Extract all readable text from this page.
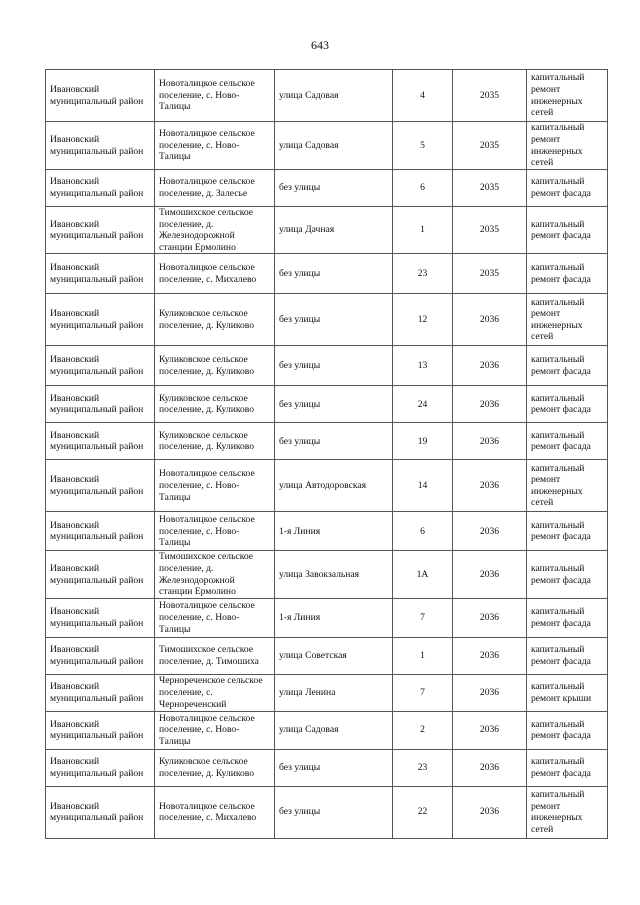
643
Ивановский муниципальный район	Новоталицкое сельское поселение, с. Ново-Талицы	улица Садовая	4	2035	капитальный ремонт инженерных сетей
Ивановский муниципальный район	Новоталицкое сельское поселение, с. Ново-Талицы	улица Садовая	5	2035	капитальный ремонт инженерных сетей
Ивановский муниципальный район	Новоталицкое сельское поселение, д. Залесье	без улицы	6	2035	капитальный ремонт фасада
Ивановский муниципальный район	Тимошихское сельское поселение, д. Железнодорожной станции Ермолино	улица Дачная	1	2035	капитальный ремонт фасада
Ивановский муниципальный район	Новоталицкое сельское поселение, с. Михалево	без улицы	23	2035	капитальный ремонт фасада
Ивановский муниципальный район	Куликовское сельское поселение, д. Куликово	без улицы	12	2036	капитальный ремонт инженерных сетей
Ивановский муниципальный район	Куликовское сельское поселение, д. Куликово	без улицы	13	2036	капитальный ремонт фасада
Ивановский муниципальный район	Куликовское сельское поселение, д. Куликово	без улицы	24	2036	капитальный ремонт фасада
Ивановский муниципальный район	Куликовское сельское поселение, д. Куликово	без улицы	19	2036	капитальный ремонт фасада
Ивановский муниципальный район	Новоталицкое сельское поселение, с. Ново-Талицы	улица Автодоровская	14	2036	капитальный ремонт инженерных сетей
Ивановский муниципальный район	Новоталицкое сельское поселение, с. Ново-Талицы	1-я Линия	6	2036	капитальный ремонт фасада
Ивановский муниципальный район	Тимошихское сельское поселение, д. Железнодорожной станции Ермолино	улица Завокзальная	1А	2036	капитальный ремонт фасада
Ивановский муниципальный район	Новоталицкое сельское поселение, с. Ново-Талицы	1-я Линия	7	2036	капитальный ремонт фасада
Ивановский муниципальный район	Тимошихское сельское поселение, д. Тимошиха	улица Советская	1	2036	капитальный ремонт фасада
Ивановский муниципальный район	Чернореченское сельское поселение, с. Чернореченский	улица Ленина	7	2036	капитальный ремонт крыши
Ивановский муниципальный район	Новоталицкое сельское поселение, с. Ново-Талицы	улица Садовая	2	2036	капитальный ремонт фасада
Ивановский муниципальный район	Куликовское сельское поселение, д. Куликово	без улицы	23	2036	капитальный ремонт фасада
Ивановский муниципальный район	Новоталицкое сельское поселение, с. Михалево	без улицы	22	2036	капитальный ремонт инженерных сетей
